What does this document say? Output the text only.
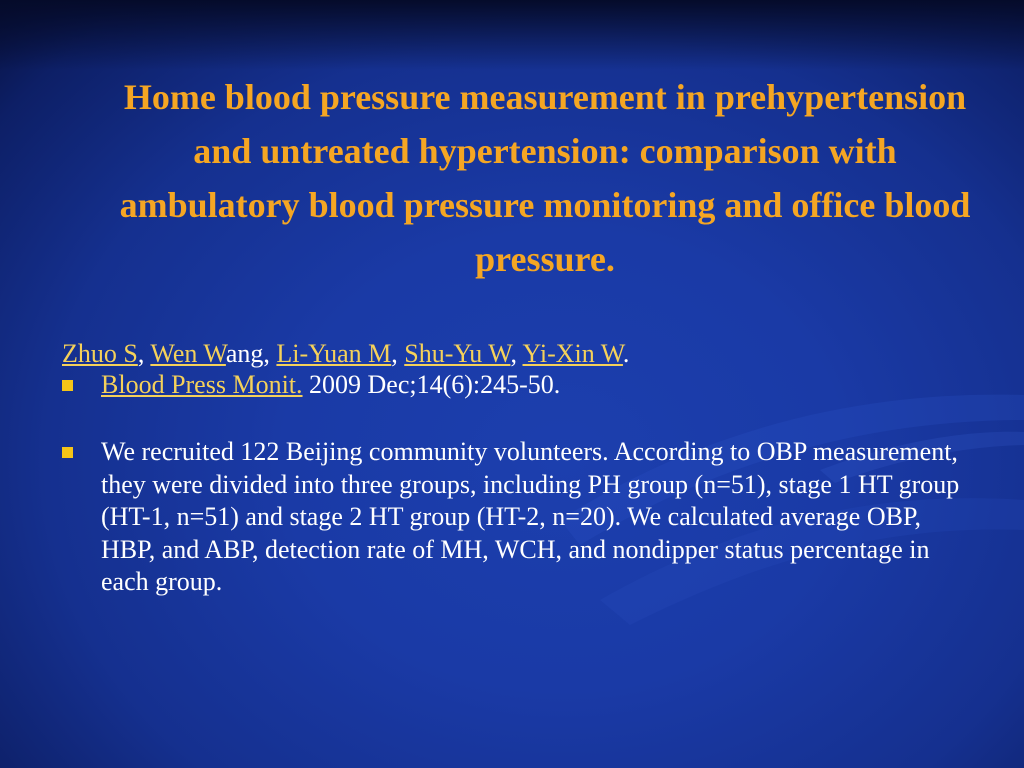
Home blood pressure measurement in prehypertension and untreated hypertension: comparison with ambulatory blood pressure monitoring and office blood pressure.

Zhuo S, Wen Wang, Li-Yuan M, Shu-Yu W, Yi-Xin W.

Blood Press Monit. 2009 Dec;14(6):245-50.
We recruited 122 Beijing community volunteers. According to OBP measurement, they were divided into three groups, including PH group (n=51), stage 1 HT group (HT-1, n=51) and stage 2 HT group (HT-2, n=20). We calculated average OBP, HBP, and ABP, detection rate of MH, WCH, and nondipper status percentage in each group.
